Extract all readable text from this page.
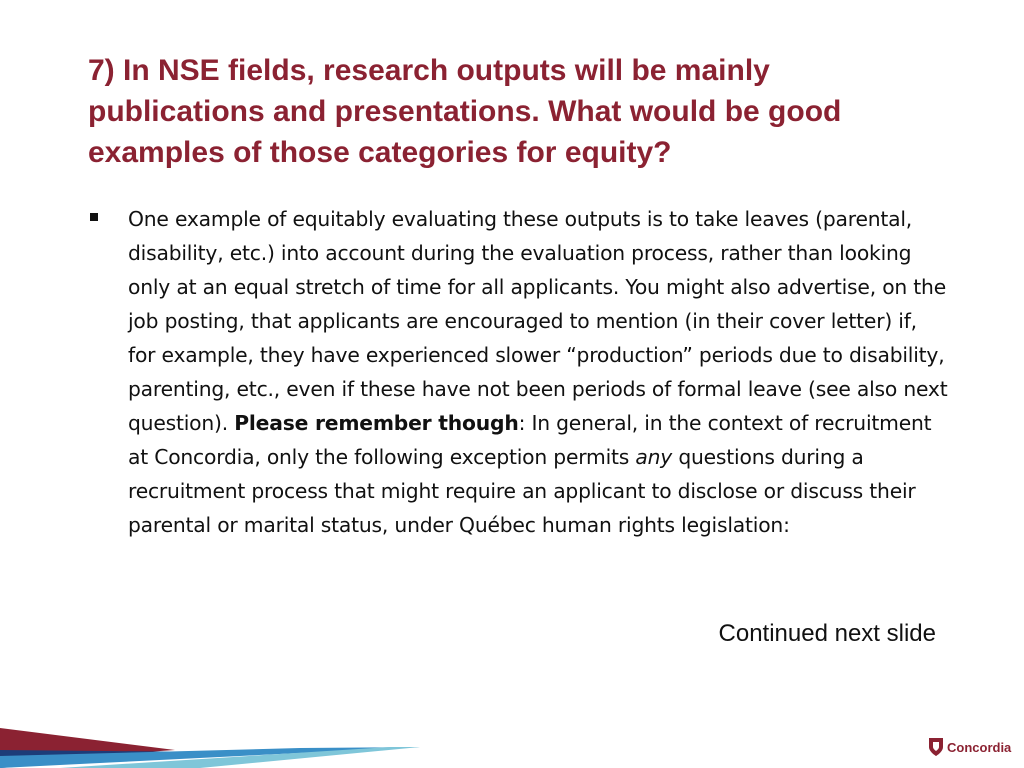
7) In NSE fields, research outputs will be mainly publications and presentations. What would be good examples of those categories for equity?
One example of equitably evaluating these outputs is to take leaves (parental, disability, etc.) into account during the evaluation process, rather than looking only at an equal stretch of time for all applicants. You might also advertise, on the job posting, that applicants are encouraged to mention (in their cover letter) if, for example, they have experienced slower “production” periods due to disability, parenting, etc., even if these have not been periods of formal leave (see also next question). Please remember though: In general, in the context of recruitment at Concordia, only the following exception permits any questions during a recruitment process that might require an applicant to disclose or discuss their parental or marital status, under Québec human rights legislation:
Continued next slide
Concordia
